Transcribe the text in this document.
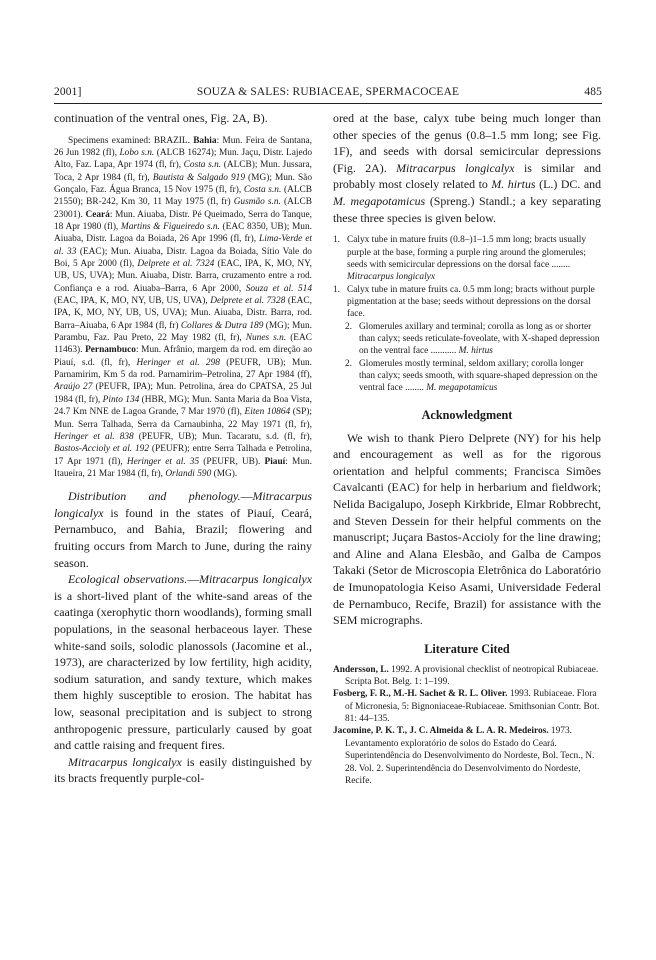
2001]	SOUZA & SALES: RUBIACEAE, SPERMACOCEAE	485

continuation of the ventral ones, Fig. 2A, B).

Specimens examined: BRAZIL. Bahia: Mun. Feira de Santana, 26 Jun 1982 (fl), Lobo s.n. (ALCB 16274); Mun. Jaçu, Distr. Lajedo Alto, Faz. Lapa, Apr 1974 (fl, fr), Costa s.n. (ALCB); Mun. Jussara, Toca, 2 Apr 1984 (fl, fr), Bautista & Salgado 919 (MG); Mun. São Gonçalo, Faz. Água Branca, 15 Nov 1975 (fl, fr), Costa s.n. (ALCB 21550); BR-242, Km 30, 11 May 1975 (fl, fr) Gusmão s.n. (ALCB 23001). Ceará: Mun. Aiuaba, Distr. Pé Queimado, Serra do Tanque, 18 Apr 1980 (fl), Martins & Figueiredo s.n. (EAC 8350, UB); Mun. Aiuaba, Distr. Lagoa da Boiada, 26 Apr 1996 (fl, fr), Lima-Verde et al. 33 (EAC); Mun. Aiuaba, Distr. Lagoa da Boiada, Sítio Vale do Boi, 5 Apr 2000 (fl), Delprete et al. 7324 (EAC, IPA, K, MO, NY, UB, US, UVA); Mun. Aiuaba, Distr. Barra, cruzamento entre a rod. Confiança e a rod. Aiuaba–Barra, 6 Apr 2000, Souza et al. 514 (EAC, IPA, K, MO, NY, UB, US, UVA), Delprete et al. 7328 (EAC, IPA, K, MO, NY, UB, US, UVA); Mun. Aiuaba, Distr. Barra, rod. Barra–Aiuaba, 6 Apr 1984 (fl, fr) Collares & Dutra 189 (MG); Mun. Parambu, Faz. Pau Preto, 22 May 1982 (fl, fr), Nunes s.n. (EAC 11463). Pernambuco: Mun. Afrânio, margem da rod. em direção ao Piauí, s.d. (fl, fr), Heringer et al. 298 (PEUFR, UB); Mun. Parnamirim, Km 5 da rod. Parnamirim–Petrolina, 27 Apr 1984 (ff), Araújo 27 (PEUFR, IPA); Mun. Petrolina, área do CPATSA, 25 Jul 1984 (fl, fr), Pinto 134 (HBR, MG); Mun. Santa Maria da Boa Vista, 24.7 Km NNE de Lagoa Grande, 7 Mar 1970 (fl), Eiten 10864 (SP); Mun. Serra Talhada, Serra da Carnaubinha, 22 May 1971 (fl, fr), Heringer et al. 838 (PEUFR, UB); Mun. Tacaratu, s.d. (fl, fr), Bastos-Accioly et al. 192 (PEUFR); entre Serra Talhada e Petrolina, 17 Apr 1971 (fl), Heringer et al. 35 (PEUFR, UB). Piauí: Mun. Itaueira, 21 Mar 1984 (fl, fr), Orlandi 590 (MG).

Distribution and phenology.—Mitracarpus longicalyx is found in the states of Piauí, Ceará, Pernambuco, and Bahia, Brazil; flowering and fruiting occurs from March to June, during the rainy season.

Ecological observations.—Mitracarpus longicalyx is a short-lived plant of the white-sand areas of the caatinga (xerophytic thorn woodlands), forming small populations, in the seasonal herbaceous layer. These white-sand soils, solodic planossols (Jacomine et al., 1973), are characterized by low fertility, high acidity, sodium saturation, and sandy texture, which makes them highly susceptible to erosion. The habitat has low, seasonal precipitation and is subject to strong anthropogenic pressure, particularly caused by goat and cattle raising and frequent fires.

Mitracarpus longicalyx is easily distinguished by its bracts frequently purple-col-

ored at the base, calyx tube being much longer than other species of the genus (0.8–1.5 mm long; see Fig. 1F), and seeds with dorsal semicircular depressions (Fig. 2A). Mitracarpus longicalyx is similar and probably most closely related to M. hirtus (L.) DC. and M. megapotamicus (Spreng.) Standl.; a key separating these three species is given below.

1. Calyx tube in mature fruits (0.8–)1–1.5 mm long; bracts usually purple at the base, forming a purple ring around the glomerules; seeds with semicircular depressions on the dorsal face ........ Mitracarpus longicalyx
1. Calyx tube in mature fruits ca. 0.5 mm long; bracts without purple pigmentation at the base; seeds without depressions on the dorsal face.
2. Glomerules axillary and terminal; corolla as long as or shorter than calyx; seeds reticulate-foveolate, with X-shaped depression on the ventral face ........... M. hirtus
2. Glomerules mostly terminal, seldom axillary; corolla longer than calyx; seeds smooth, with square-shaped depression on the ventral face ........ M. megapotamicus

Acknowledgment

We wish to thank Piero Delprete (NY) for his help and encouragement as well as for the rigorous orientation and helpful comments; Francisca Simões Cavalcanti (EAC) for help in herbarium and fieldwork; Nelida Bacigalupo, Joseph Kirkbride, Elmar Robbrecht, and Steven Dessein for their helpful comments on the manuscript; Juçara Bastos-Accioly for the line drawing; and Aline and Alana Elesbão, and Galba de Campos Takaki (Setor de Microscopia Eletrônica do Laboratório de Imunopatologia Keiso Asami, Universidade Federal de Pernambuco, Recife, Brazil) for assistance with the SEM micrographs.

Literature Cited

Andersson, L. 1992. A provisional checklist of neotropical Rubiaceae. Scripta Bot. Belg. 1: 1–199.

Fosberg, F. R., M.-H. Sachet & R. L. Oliver. 1993. Rubiaceae. Flora of Micronesia, 5: Bignoniaceae-Rubiaceae. Smithsonian Contr. Bot. 81: 44–135.

Jacomine, P. K. T., J. C. Almeida & L. A. R. Medeiros. 1973. Levantamento exploratório de solos do Estado do Ceará. Superintendência do Desenvolvimento do Nordeste, Bol. Tecn., N. 28. Vol. 2. Superintendência do Desenvolvimento do Nordeste, Recife.
